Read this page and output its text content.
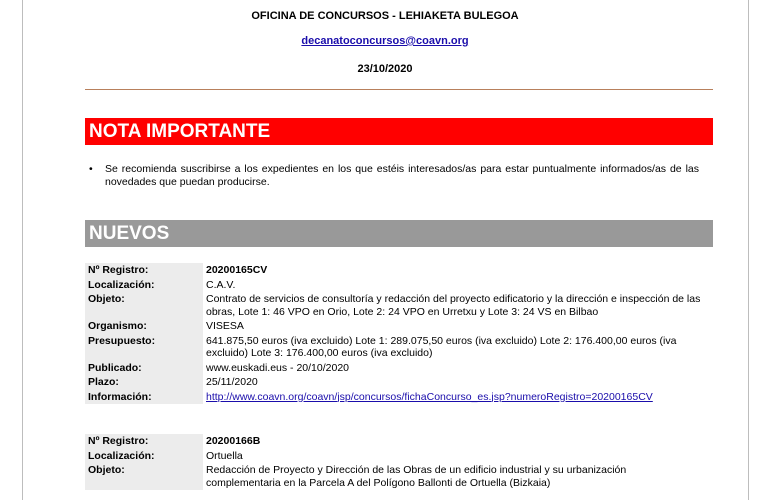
OFICINA DE CONCURSOS - LEHIAKETA BULEGOA
decanatoconcursos@coavn.org
23/10/2020
NOTA IMPORTANTE
•	Se recomienda suscribirse a los expedientes en los que estéis interesados/as para estar puntualmente informados/as de las novedades que puedan producirse.
NUEVOS
Nº Registro:	20200165CV
Localización:	C.A.V.
Objeto:	Contrato de servicios de consultoría y redacción del proyecto edificatorio y la dirección e inspección de las obras, Lote 1: 46 VPO en Orio, Lote 2: 24 VPO en Urretxu y Lote 3: 24 VS en Bilbao
Organismo:	VISESA
Presupuesto:	641.875,50 euros (iva excluido) Lote 1: 289.075,50 euros (iva excluido) Lote 2: 176.400,00 euros (iva excluido) Lote 3: 176.400,00 euros (iva excluido)
Publicado:	www.euskadi.eus - 20/10/2020
Plazo:	25/11/2020
Información:	http://www.coavn.org/coavn/jsp/concursos/fichaConcurso_es.jsp?numeroRegistro=20200165CV
Nº Registro:	20200166B
Localización:	Ortuella
Objeto:	Redacción de Proyecto y Dirección de las Obras de un edificio industrial y su urbanización complementaria en la Parcela A del Polígono Ballonti de Ortuella (Bizkaia)
